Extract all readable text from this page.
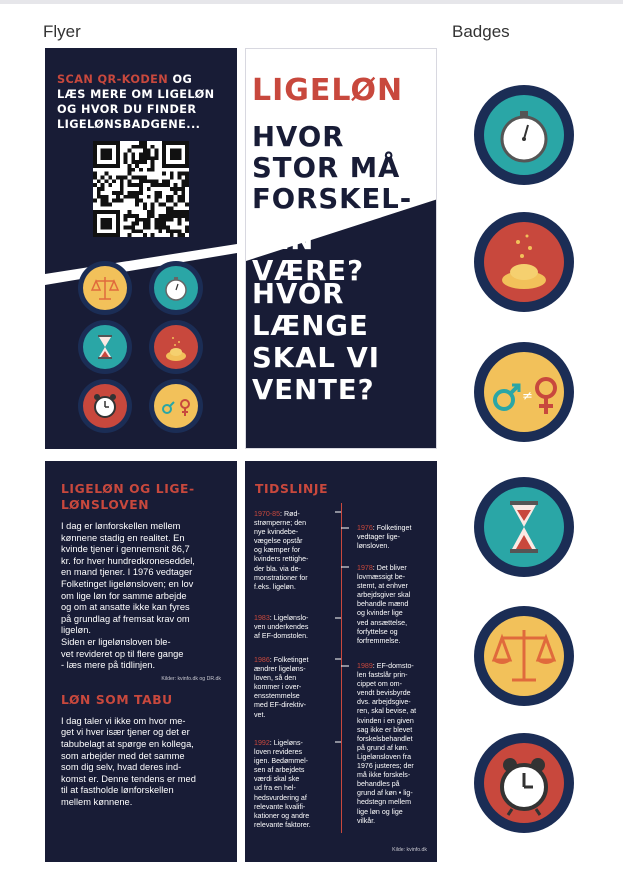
Flyer	Badges
SCAN QR-KODEN OG
LÆS MERE OM LIGELØN
OG HVOR DU FINDER
LIGELØNSBADGENE...
LIGELØN
HVOR
STOR MÅ
FORSKEL-
LEN VÆRE?
HVOR
LÆNGE
SKAL VI
VENTE?
LIGELØN OG LIGE-
LØNSLOVEN
I dag er lønforskellen mellem
kønnene stadig en realitet. En
kvinde tjener i gennemsnit 86,7
kr. for hver hundredkroneseddel,
en mand tjener. I 1976 vedtager
Folketinget ligelønsloven; en lov
om lige løn for samme arbejde
og om at ansatte ikke kan fyres
på grundlag af fremsat krav om
ligeløn.
Siden er ligelønsloven ble-
vet revideret op til flere gange
- læs mere på tidlinjen.
Kilder: kvinfo.dk og DR.dk
LØN SOM TABU
I dag taler vi ikke om hvor me-
get vi hver især tjener og det er
tabubelagt at spørge en kollega,
som arbejder med det samme
som dig selv, hvad deres ind-
komst er. Denne tendens er med
til at fastholde lønforskellen
mellem kønnene.
TIDSLINJE
1970-85: Rød-
strømperne; den
nye kvindebe-
vægelse opstår
og kæmper for
kvinders rettighe-
der bla. via de-
monstrationer for
f.eks. ligeløn.
1983: Ligelønslo-
ven underkendes
af EF-domstolen.
1986: Folketinget
ændrer ligeløns-
loven, så den
kommer i over-
ensstemmelse
med EF-direktiv-
vet.
1992: Ligeløns-
loven revideres
igen. Bedømmel-
sen af arbejdets
værdi skal ske
ud fra en hel-
hedsvurdering af
relevante kvalifi-
kationer og andre
relevante faktorer.
1976: Folketinget
vedtager lige-
lønsloven.
1978: Det bliver
lovmæssigt be-
stemt, at enhver
arbejdsgiver skal
behandle mænd
og kvinder lige
ved ansættelse,
forfyttelse og
forfremmelse.
1989: EF-domsto-
len fastslår prin-
cippet om om-
vendt bevisbyrde
dvs. arbejdsgive-
ren, skal bevise, at
kvinden i en given
sag ikke er blevet
forskelsbehandlet
på grund af køn.
Ligelønsloven fra
1976 justeres; der
må ikke forskels-
behandles på
grund af køn • lig-
hedstegn mellem
lige løn og lige
vilkår.
Kilde: kvinfo.dk
≠
